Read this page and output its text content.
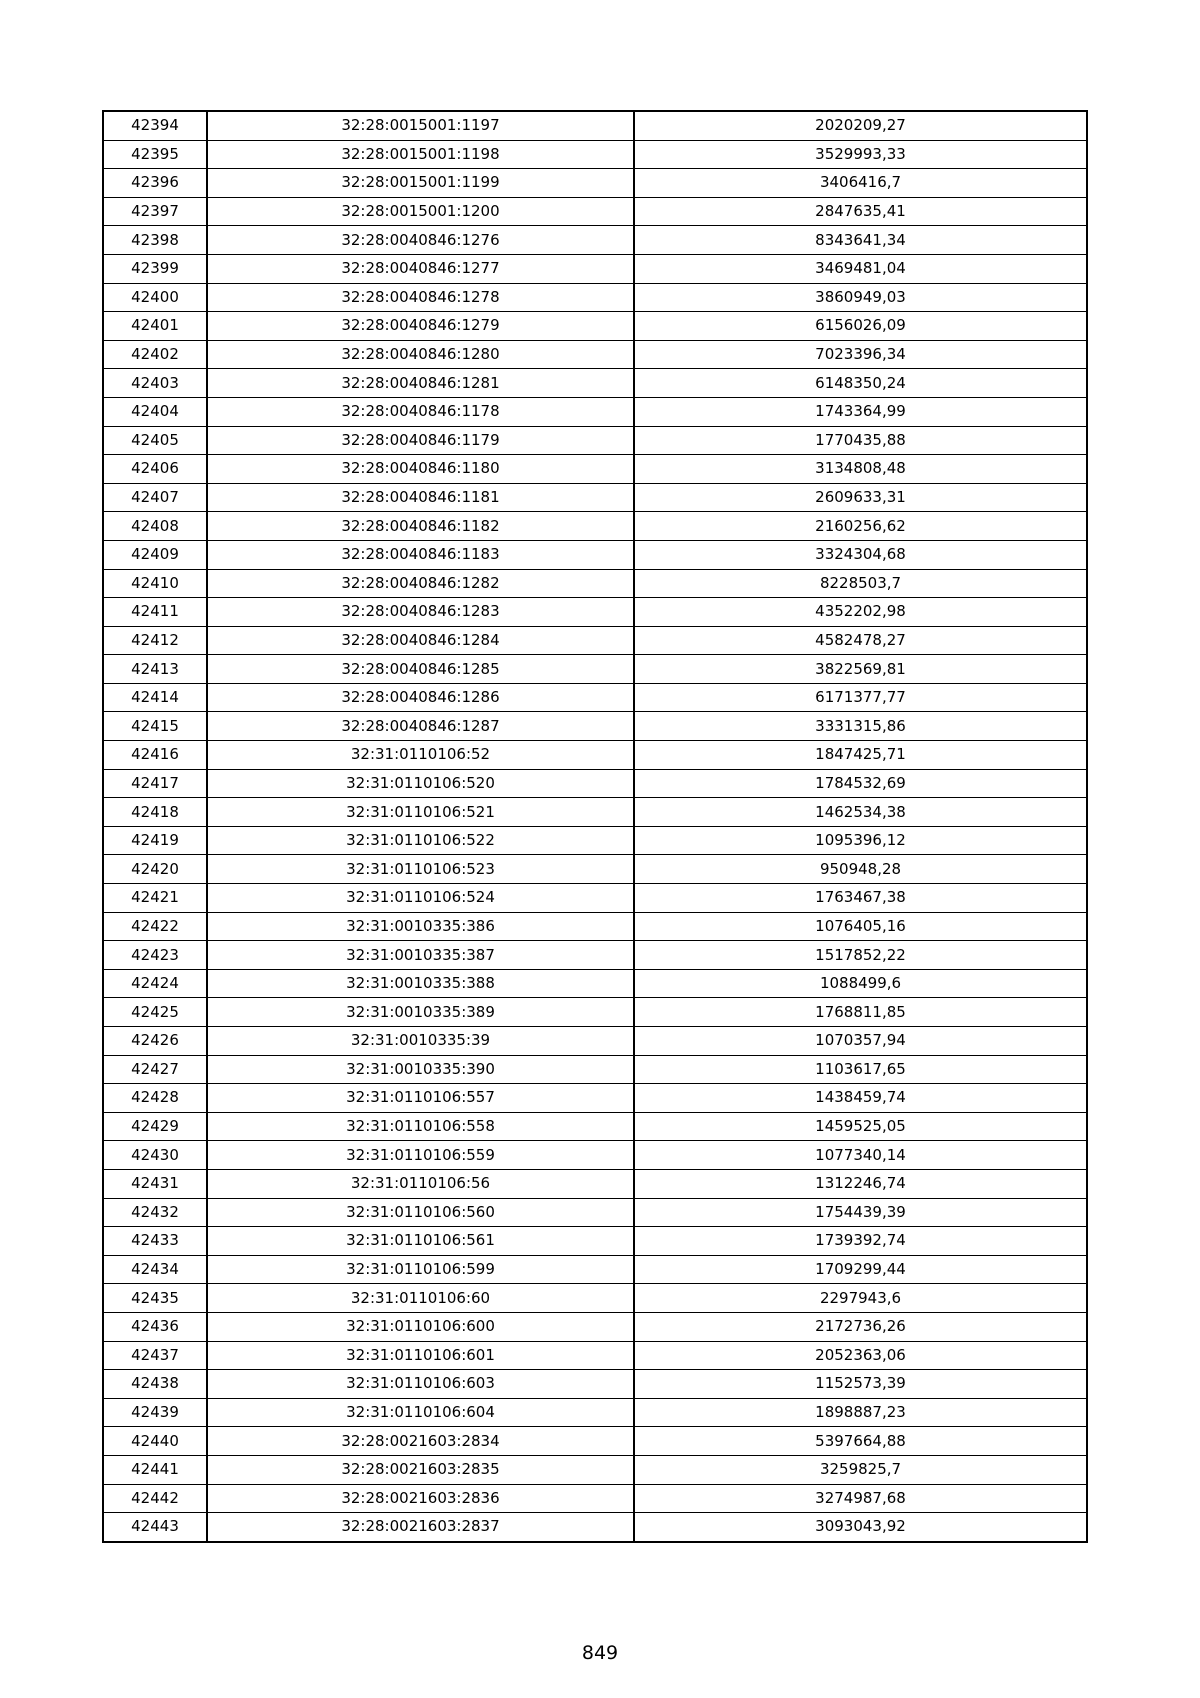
42394	32:28:0015001:1197	2020209,27
42395	32:28:0015001:1198	3529993,33
42396	32:28:0015001:1199	3406416,7
42397	32:28:0015001:1200	2847635,41
42398	32:28:0040846:1276	8343641,34
42399	32:28:0040846:1277	3469481,04
42400	32:28:0040846:1278	3860949,03
42401	32:28:0040846:1279	6156026,09
42402	32:28:0040846:1280	7023396,34
42403	32:28:0040846:1281	6148350,24
42404	32:28:0040846:1178	1743364,99
42405	32:28:0040846:1179	1770435,88
42406	32:28:0040846:1180	3134808,48
42407	32:28:0040846:1181	2609633,31
42408	32:28:0040846:1182	2160256,62
42409	32:28:0040846:1183	3324304,68
42410	32:28:0040846:1282	8228503,7
42411	32:28:0040846:1283	4352202,98
42412	32:28:0040846:1284	4582478,27
42413	32:28:0040846:1285	3822569,81
42414	32:28:0040846:1286	6171377,77
42415	32:28:0040846:1287	3331315,86
42416	32:31:0110106:52	1847425,71
42417	32:31:0110106:520	1784532,69
42418	32:31:0110106:521	1462534,38
42419	32:31:0110106:522	1095396,12
42420	32:31:0110106:523	950948,28
42421	32:31:0110106:524	1763467,38
42422	32:31:0010335:386	1076405,16
42423	32:31:0010335:387	1517852,22
42424	32:31:0010335:388	1088499,6
42425	32:31:0010335:389	1768811,85
42426	32:31:0010335:39	1070357,94
42427	32:31:0010335:390	1103617,65
42428	32:31:0110106:557	1438459,74
42429	32:31:0110106:558	1459525,05
42430	32:31:0110106:559	1077340,14
42431	32:31:0110106:56	1312246,74
42432	32:31:0110106:560	1754439,39
42433	32:31:0110106:561	1739392,74
42434	32:31:0110106:599	1709299,44
42435	32:31:0110106:60	2297943,6
42436	32:31:0110106:600	2172736,26
42437	32:31:0110106:601	2052363,06
42438	32:31:0110106:603	1152573,39
42439	32:31:0110106:604	1898887,23
42440	32:28:0021603:2834	5397664,88
42441	32:28:0021603:2835	3259825,7
42442	32:28:0021603:2836	3274987,68
42443	32:28:0021603:2837	3093043,92
849
